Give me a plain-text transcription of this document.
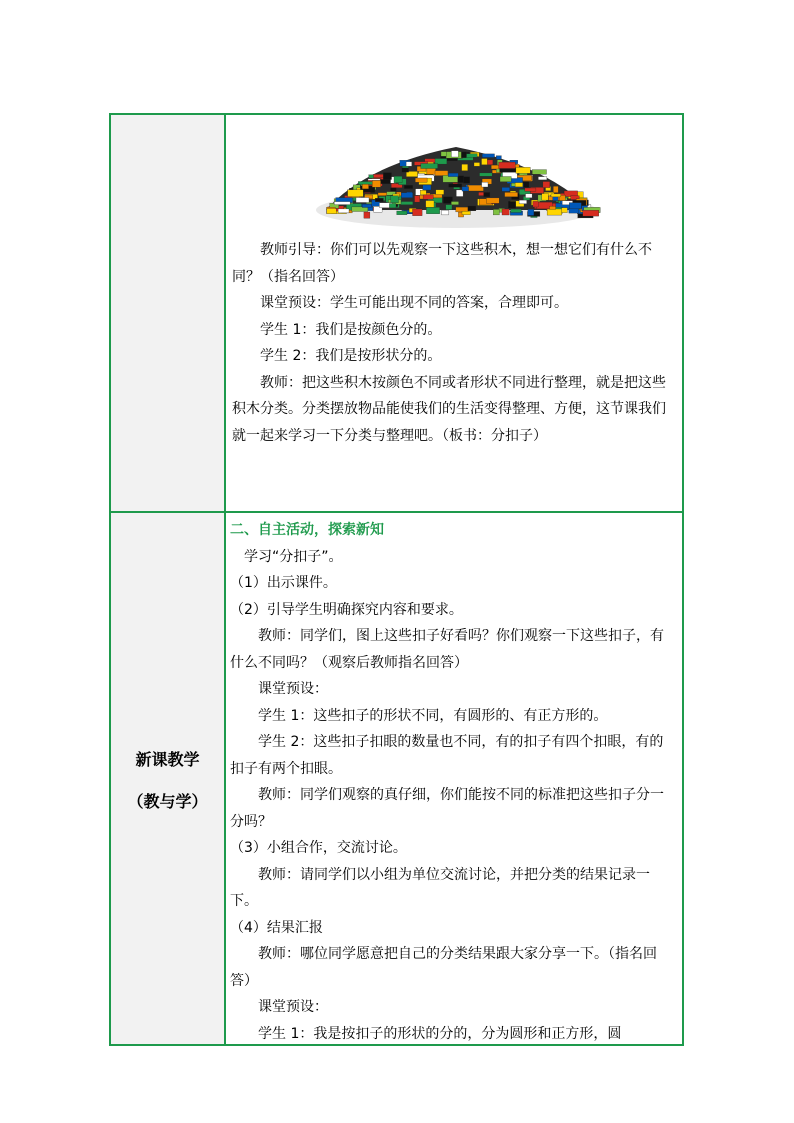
教师引导：你们可以先观察一下这些积木，想一想它们有什么不同？（指名回答）

课堂预设：学生可能出现不同的答案，合理即可。

学生 1：我们是按颜色分的。

学生 2：我们是按形状分的。

教师：把这些积木按颜色不同或者形状不同进行整理，就是把这些积木分类。分类摆放物品能使我们的生活变得整理、方便，这节课我们就一起来学习一下分类与整理吧。（板书：分扣子）

新课教学
（教与学）

二、自主活动，探索新知

学习“分扣子”。

（1）出示课件。

（2）引导学生明确探究内容和要求。

教师：同学们，图上这些扣子好看吗？你们观察一下这些扣子，有什么不同吗？（观察后教师指名回答）

课堂预设：

学生 1：这些扣子的形状不同，有圆形的、有正方形的。

学生 2：这些扣子扣眼的数量也不同，有的扣子有四个扣眼，有的扣子有两个扣眼。

教师：同学们观察的真仔细，你们能按不同的标准把这些扣子分一分吗？

（3）小组合作，交流讨论。

教师：请同学们以小组为单位交流讨论，并把分类的结果记录一下。

（4）结果汇报

教师：哪位同学愿意把自己的分类结果跟大家分享一下。（指名回答）

课堂预设：

学生 1：我是按扣子的形状的分的，分为圆形和正方形，圆
